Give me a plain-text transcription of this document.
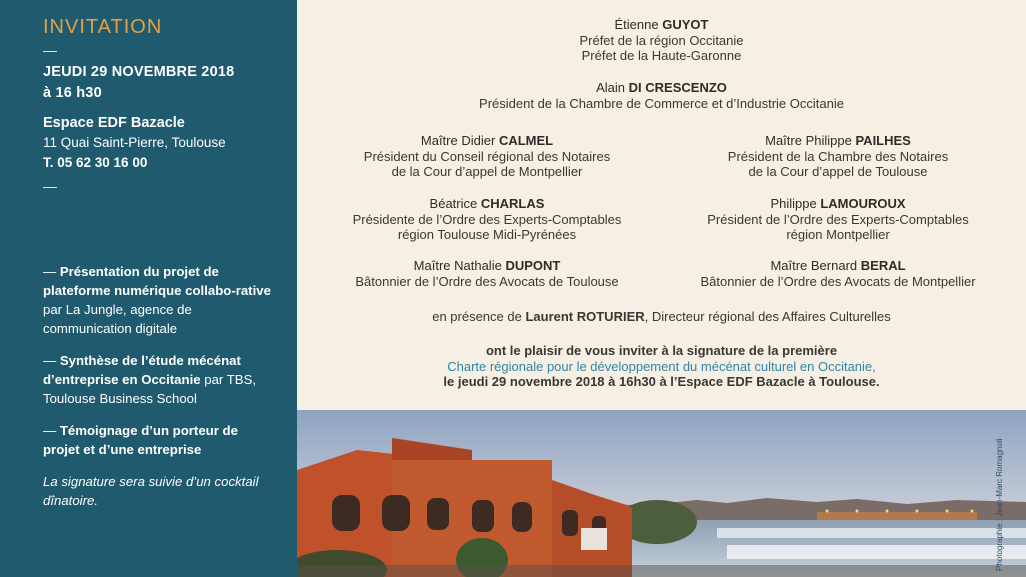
INVITATION
JEUDI 29 NOVEMBRE 2018
à 16 h30
Espace EDF Bazacle
11 Quai Saint-Pierre, Toulouse
T. 05 62 30 16 00

— Présentation du projet de plateforme numérique collabo-rative par La Jungle, agence de communication digitale

— Synthèse de l’étude mécénat d’entreprise en Occitanie par TBS, Toulouse Business School

— Témoignage d’un porteur de projet et d’une entreprise

La signature sera suivie d’un cocktail dînatoire.

Étienne GUYOT
Préfet de la région Occitanie
Préfet de la Haute-Garonne
Alain DI CRESCENZO
Président de la Chambre de Commerce et d’Industrie Occitanie
Maître Didier CALMEL
Président du Conseil régional des Notaires
de la Cour d’appel de Montpellier
Maître Philippe PAILHES
Président de la Chambre des Notaires
de la Cour d’appel de Toulouse
Béatrice CHARLAS
Présidente de l’Ordre des Experts-Comptables
région Toulouse Midi-Pyrénées
Philippe LAMOUROUX
Président de l’Ordre des Experts-Comptables
région Montpellier
Maître Nathalie DUPONT
Bâtonnier de l’Ordre des Avocats de Toulouse
Maître Bernard BERAL
Bâtonnier de l’Ordre des Avocats de Montpellier
en présence de Laurent ROTURIER, Directeur régional des Affaires Culturelles
ont le plaisir de vous inviter à la signature de la première
Charte régionale pour le développement du mécénat culturel en Occitanie,
le jeudi 29 novembre 2018 à 16h30 à l’Espace EDF Bazacle à Toulouse.
Photographie : Jean-Marc Romagnoli
